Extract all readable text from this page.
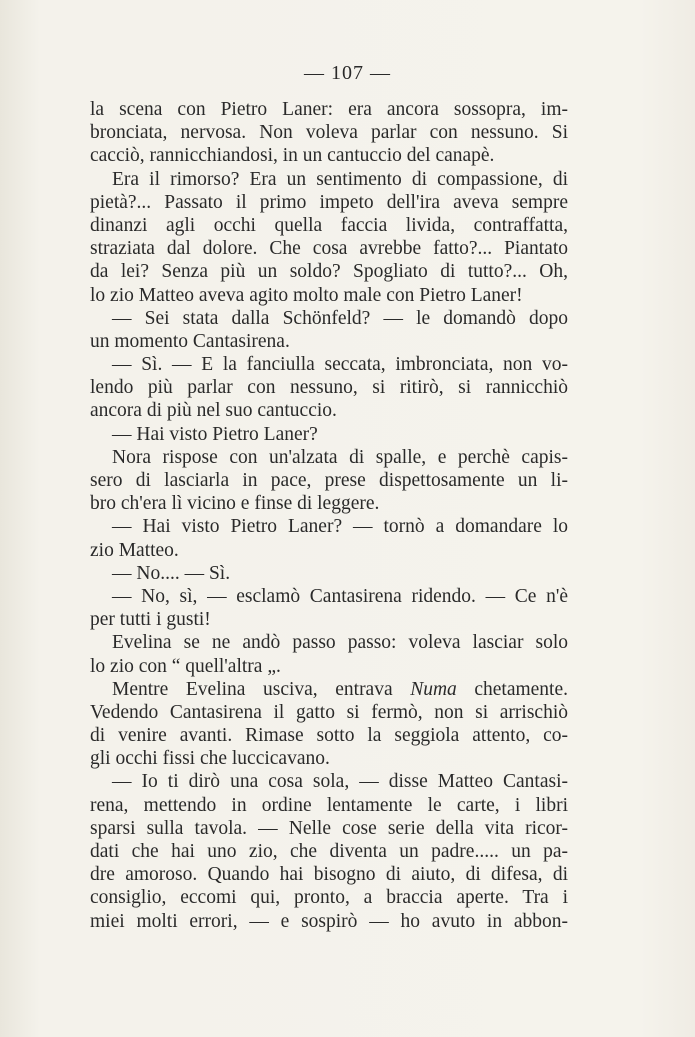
— 107 —
la scena con Pietro Laner: era ancora sossopra, im-
bronciata, nervosa. Non voleva parlar con nessuno. Si
cacciò, rannicchiandosi, in un cantuccio del canapè.
Era il rimorso? Era un sentimento di compassione, di
pietà?... Passato il primo impeto dell'ira aveva sempre
dinanzi agli occhi quella faccia livida, contraffatta,
straziata dal dolore. Che cosa avrebbe fatto?... Piantato
da lei? Senza più un soldo? Spogliato di tutto?... Oh,
lo zio Matteo aveva agito molto male con Pietro Laner!
— Sei stata dalla Schönfeld? — le domandò dopo
un momento Cantasirena.
— Sì. — E la fanciulla seccata, imbronciata, non vo-
lendo più parlar con nessuno, si ritirò, si rannicchiò
ancora di più nel suo cantuccio.
— Hai visto Pietro Laner?
Nora rispose con un'alzata di spalle, e perchè capis-
sero di lasciarla in pace, prese dispettosamente un li-
bro ch'era lì vicino e finse di leggere.
— Hai visto Pietro Laner? — tornò a domandare lo
zio Matteo.
— No.... — Sì.
— No, sì, — esclamò Cantasirena ridendo. — Ce n'è
per tutti i gusti!
Evelina se ne andò passo passo: voleva lasciar solo
lo zio con “ quell'altra „.
Mentre Evelina usciva, entrava Numa chetamente.
Vedendo Cantasirena il gatto si fermò, non si arrischiò
di venire avanti. Rimase sotto la seggiola attento, co-
gli occhi fissi che luccicavano.
— Io ti dirò una cosa sola, — disse Matteo Cantasi-
rena, mettendo in ordine lentamente le carte, i libri
sparsi sulla tavola. — Nelle cose serie della vita ricor-
dati che hai uno zio, che diventa un padre..... un pa-
dre amoroso. Quando hai bisogno di aiuto, di difesa, di
consiglio, eccomi qui, pronto, a braccia aperte. Tra i
miei molti errori, — e sospirò — ho avuto in abbon-
